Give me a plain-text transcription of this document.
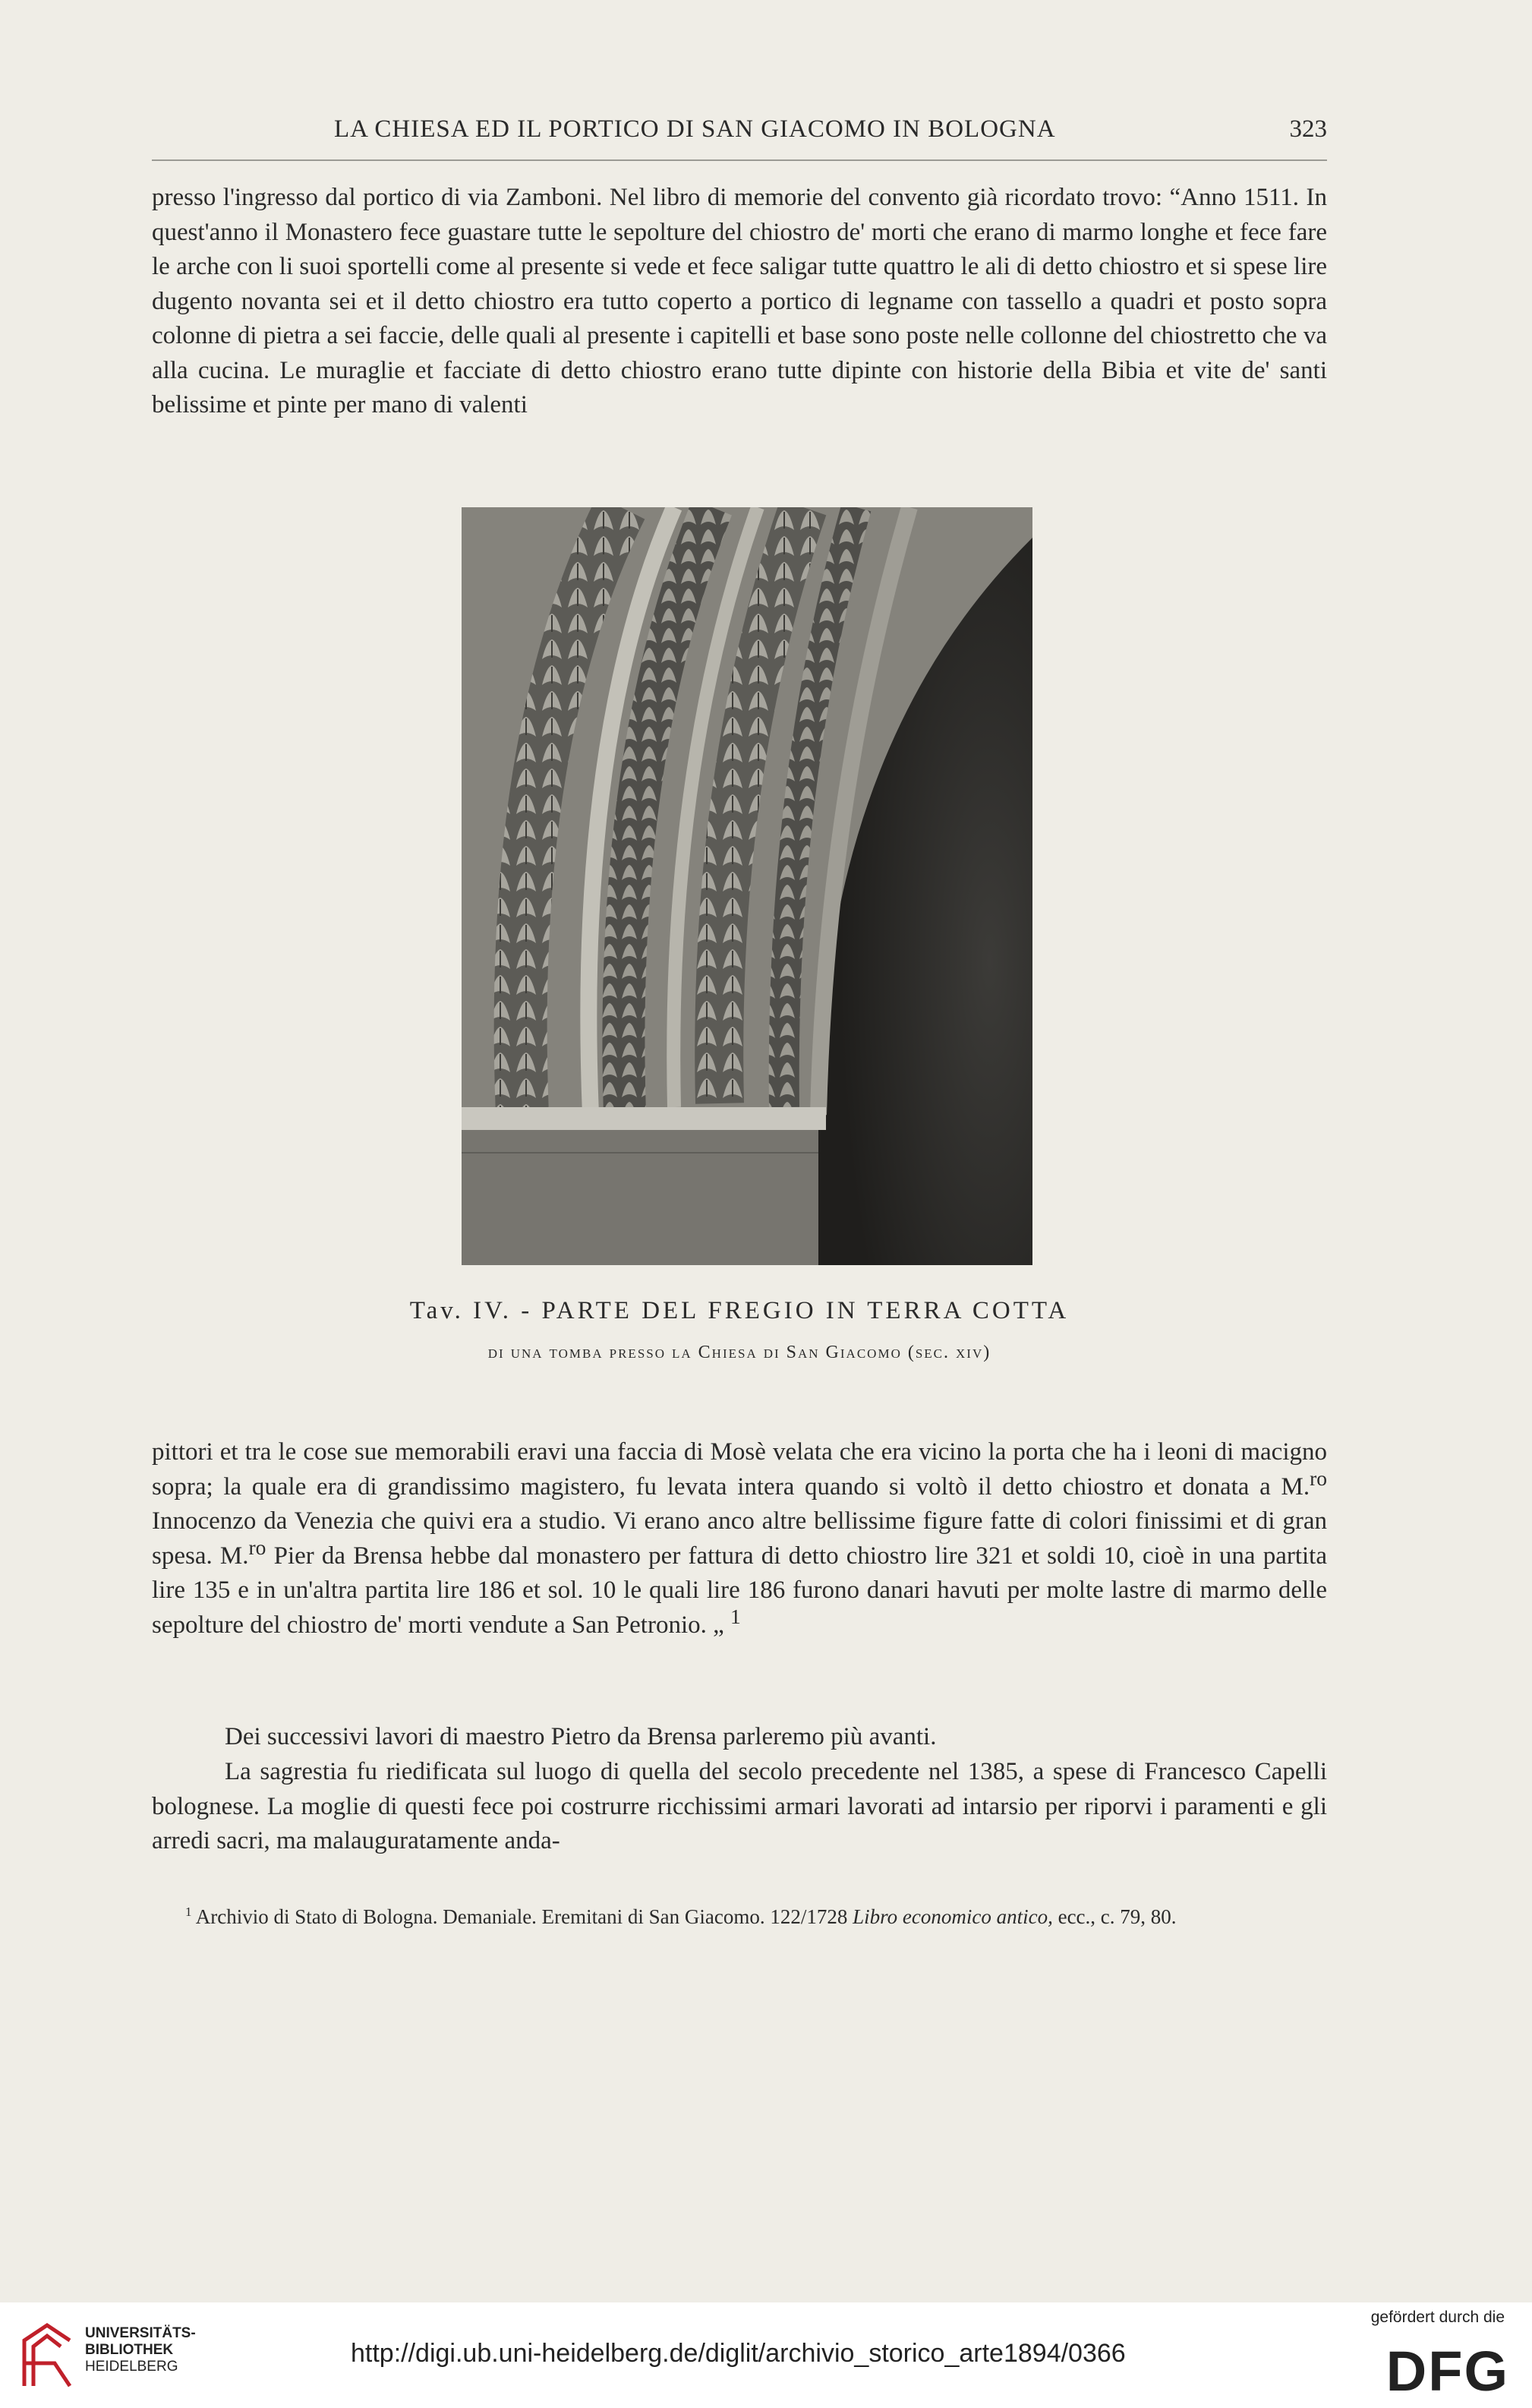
LA CHIESA ED IL PORTICO DI SAN GIACOMO IN BOLOGNA	323

presso l'ingresso dal portico di via Zamboni. Nel libro di memorie del convento già ricordato trovo: “Anno 1511. In quest'anno il Monastero fece guastare tutte le sepolture del chiostro de' morti che erano di marmo longhe et fece fare le arche con li suoi sportelli come al presente si vede et fece saligar tutte quattro le ali di detto chiostro et si spese lire dugento novanta sei et il detto chiostro era tutto coperto a portico di legname con tassello a quadri et posto sopra colonne di pietra a sei faccie, delle quali al presente i capitelli et base sono poste nelle collonne del chiostretto che va alla cucina. Le muraglie et facciate di detto chiostro erano tutte dipinte con historie della Bibia et vite de' santi belissime et pinte per mano di valenti

Tav. IV. - PARTE DEL FREGIO IN TERRA COTTA
di una tomba presso la Chiesa di San Giacomo (sec. xiv)

pittori et tra le cose sue memorabili eravi una faccia di Mosè velata che era vicino la porta che ha i leoni di macigno sopra; la quale era di grandissimo magistero, fu levata intera quando si voltò il detto chiostro et donata a M.$^{ro}$ Innocenzo da Venezia che quivi era a studio. Vi erano anco altre bellissime figure fatte di colori finissimi et di gran spesa. M.$^{ro}$ Pier da Brensa hebbe dal monastero per fattura di detto chiostro lire 321 et soldi 10, cioè in una partita lire 135 e in un'altra partita lire 186 et sol. 10 le quali lire 186 furono danari havuti per molte lastre di marmo delle sepolture del chiostro de' morti vendute a San Petronio. „ $^1$

Dei successivi lavori di maestro Pietro da Brensa parleremo più avanti.

La sagrestia fu riedificata sul luogo di quella del secolo precedente nel 1385, a spese di Francesco Capelli bolognese. La moglie di questi fece poi costrurre ricchissimi armari lavorati ad intarsio per riporvi i paramenti e gli arredi sacri, ma malauguratamente anda-

$^1$ Archivio di Stato di Bologna. Demaniale. Eremitani di San Giacomo. 122/1728 Libro economico antico, ecc., c. 79, 80.
UNIVERSITÄTS-
BIBLIOTHEK
HEIDELBERG	http://digi.ub.uni-heidelberg.de/diglit/archivio_storico_arte1894/0366
gefördert durch die
DFG
